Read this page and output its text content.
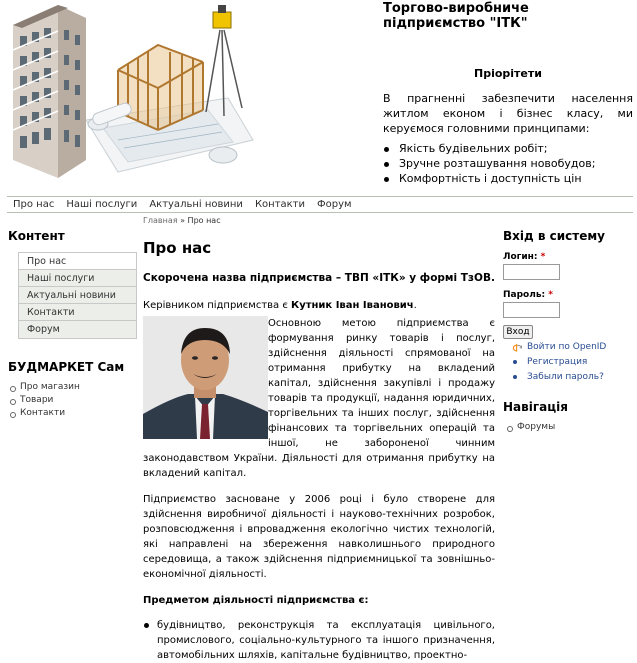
Торгово-виробниче підприємство "ІТК"
Пріорітети
В прагненні забезпечити населення житлом економ і бізнес класу, ми керуємося головними принципами:
Якість будівельних робіт;
Зручне розташування новобудов;
Комфортність і доступність цін
Про нас	Наші послуги	Актуальні новини	Контакти	Форум
Контент
Про нас
Наші послуги
Актуальні новини
Контакти
Форум
БУДМАРКЕТ Сам
Про магазин
Товари
Контакти
Главная » Про нас
Про нас
Скорочена назва підприємства – ТВП «ІТК» у формі ТзОВ.
Керівником підприємства є Кутник Іван Іванович.
Основною метою підприємства є формування ринку товарів і послуг, здійснення діяльності спрямованої на отримання прибутку на вкладений капітал, здійснення закупівлі і продажу товарів та продукції, надання юридичних, торгівельних та інших послуг, здійснення фінансових та торгівельних операцій та іншої, не забороненої чинним законодавством України. Діяльності для отримання прибутку на вкладений капітал.
Підприємство засноване у 2006 році і було створене для здійснення виробничої діяльності і науково-технічних розробок, розповсюдження і впровадження екологічно чистих технологій, які направлені на збереження навколишнього природного середовища, а також здійснення підприємницької та зовнішньо-економічної діяльності.
Предметом діяльності підприємства є:
будівництво, реконструкція та експлуатація цивільного, промислового, соціально-культурного та іншого призначення, автомобільних шляхів, капітальне будівництво, проектно-
Вхід в систему
Логин: *
Пароль: *
Вход
Войти по OpenID
Регистрация
Забыли пароль?
Навігація
Форумы
